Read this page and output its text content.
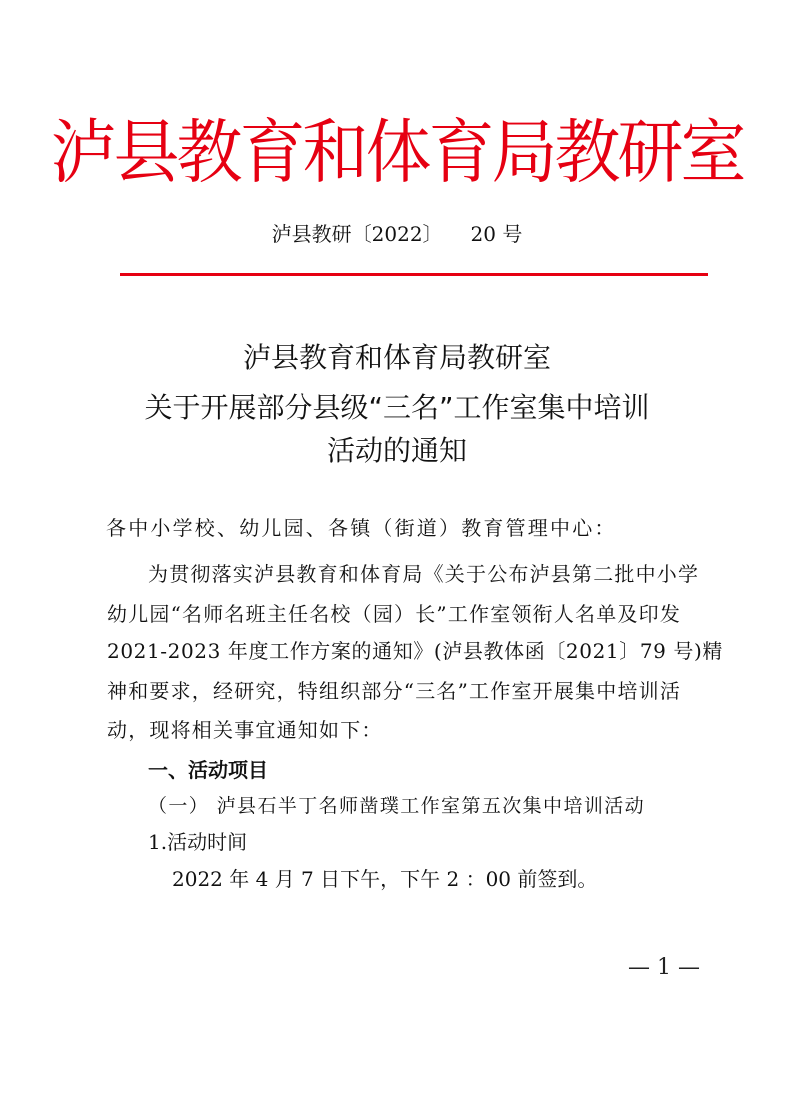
泸县教育和体育局教研室
泸县教研〔2022〕 20 号
泸县教育和体育局教研室
关于开展部分县级“三名”工作室集中培训
活动的通知
各中小学校、幼儿园、各镇（街道）教育管理中心：
为贯彻落实泸县教育和体育局《关于公布泸县第二批中小学
幼儿园“名师名班主任名校（园）长”工作室领衔人名单及印发
2021-2023 年度工作方案的通知》(泸县教体函〔2021〕79 号)精
神和要求，经研究，特组织部分“三名”工作室开展集中培训活
动，现将相关事宜通知如下：
一、活动项目
（一） 泸县石半丁名师凿璞工作室第五次集中培训活动
1.活动时间
2022 年 4 月 7 日下午，下午 2 ：00 前签到。
— 1 —
